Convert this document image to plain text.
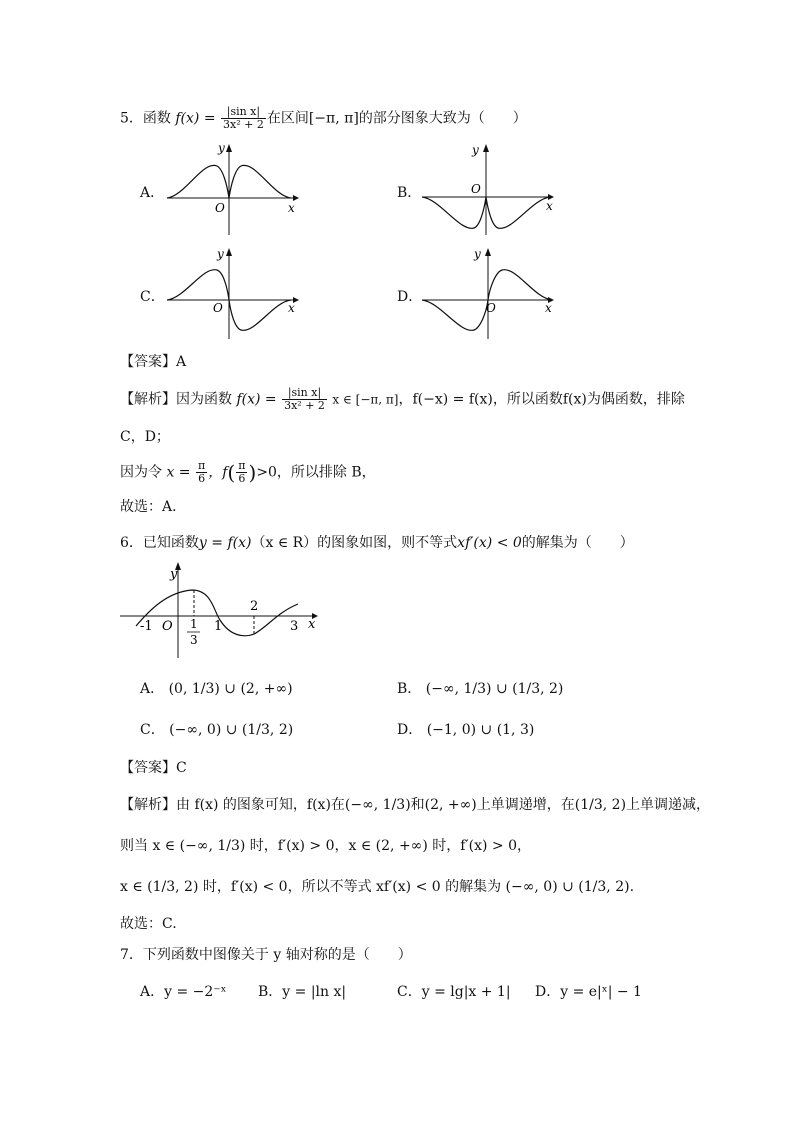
5．函数 $f(x) = \frac{\text{|sin x|}}{\text{3x² + 2}}$ 在区间[−π, π]的部分图象大致为（　　）
A．	B．
C．	D．
y
x
O
y
x
O
y
x
O
y
x
O
【答案】A
【解析】因为函数 $f(x) = \frac{\text{|sin x|}}{\text{3x² + 2}}$ x ∈ [−π, π]，f(−x) = f(x)，所以函数f(x)为偶函数，排除
C，D；
因为令 $x = \frac{\pi}{6}$ ，$f( \frac{\pi}{6} )>0$，所以排除 B，
故选：A．
6．已知函数y = f(x)（x ∈ R）的图象如图，则不等式xf′(x) < 0的解集为（　　）
y
x
O
-1	1
3
1
2
3
A． (0, 1/3) ∪ (2, +∞)	B． (−∞, 1/3) ∪ (1/3, 2)
C． (−∞, 0) ∪ (1/3, 2)	D． (−1, 0) ∪ (1, 3)
【答案】C
【解析】由 f(x) 的图象可知，f(x)在(−∞, 1/3)和(2, +∞)上单调递增，在(1/3, 2)上单调递减，
则当 x ∈ (−∞, 1/3) 时，f′(x) > 0，x ∈ (2, +∞) 时，f′(x) > 0，
x ∈ (1/3, 2) 时，f′(x) < 0，所以不等式 xf′(x) < 0 的解集为 (−∞, 0) ∪ (1/3, 2).
故选：C.
7．下列函数中图像关于 y 轴对称的是（　　）
A．y = −2⁻ˣ B．y = |ln x|	C．y = lg|x + 1| D．y = e|ˣ| − 1
